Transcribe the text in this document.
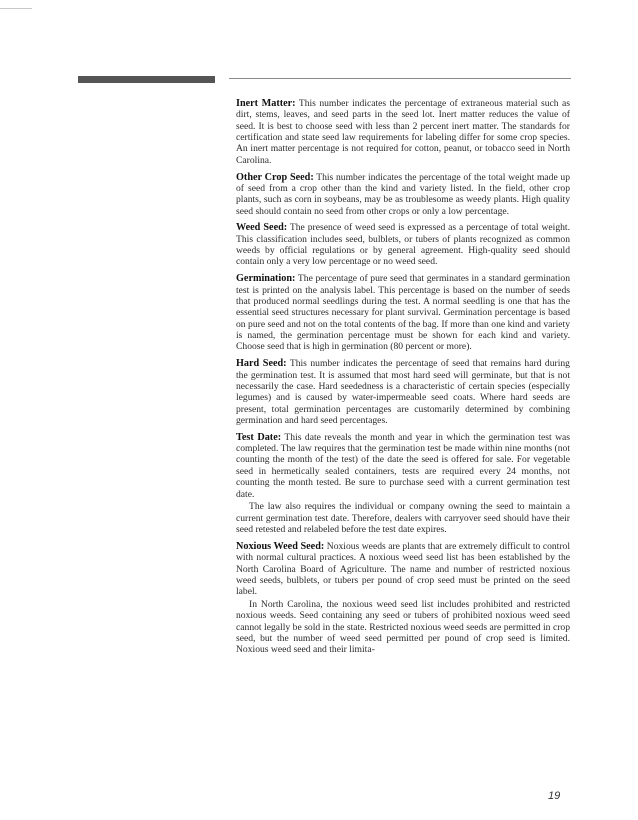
Inert Matter: This number indicates the percentage of extraneous material such as dirt, stems, leaves, and seed parts in the seed lot. Inert matter reduces the value of seed. It is best to choose seed with less than 2 percent inert matter. The standards for certification and state seed law requirements for labeling differ for some crop species. An inert matter percentage is not required for cotton, peanut, or tobacco seed in North Carolina.

Other Crop Seed: This number indicates the percentage of the total weight made up of seed from a crop other than the kind and variety listed. In the field, other crop plants, such as corn in soybeans, may be as troublesome as weedy plants. High quality seed should contain no seed from other crops or only a low percentage.

Weed Seed: The presence of weed seed is expressed as a percentage of total weight. This classification includes seed, bulblets, or tubers of plants recognized as common weeds by official regulations or by general agreement. High-quality seed should contain only a very low percentage or no weed seed.

Germination: The percentage of pure seed that germinates in a standard germination test is printed on the analysis label. This percentage is based on the number of seeds that produced normal seedlings during the test. A normal seedling is one that has the essential seed structures necessary for plant survival. Germination percentage is based on pure seed and not on the total contents of the bag. If more than one kind and variety is named, the germination percentage must be shown for each kind and variety. Choose seed that is high in germination (80 percent or more).

Hard Seed: This number indicates the percentage of seed that remains hard during the germination test. It is assumed that most hard seed will germinate, but that is not necessarily the case. Hard seededness is a characteristic of certain species (especially legumes) and is caused by water-impermeable seed coats. Where hard seeds are present, total germination percentages are customarily determined by combining germination and hard seed percentages.

Test Date: This date reveals the month and year in which the germination test was completed. The law requires that the germination test be made within nine months (not counting the month of the test) of the date the seed is offered for sale. For vegetable seed in hermetically sealed containers, tests are required every 24 months, not counting the month tested. Be sure to purchase seed with a current germination test date.

The law also requires the individual or company owning the seed to maintain a current germination test date. Therefore, dealers with carryover seed should have their seed retested and relabeled before the test date expires.

Noxious Weed Seed: Noxious weeds are plants that are extremely difficult to control with normal cultural practices. A noxious weed seed list has been established by the North Carolina Board of Agriculture. The name and number of restricted noxious weed seeds, bulblets, or tubers per pound of crop seed must be printed on the seed label.

In North Carolina, the noxious weed seed list includes prohibited and restricted noxious weeds. Seed containing any seed or tubers of prohibited noxious weed seed cannot legally be sold in the state. Restricted noxious weed seeds are permitted in crop seed, but the number of weed seed permitted per pound of crop seed is limited. Noxious weed seed and their limita-

19
